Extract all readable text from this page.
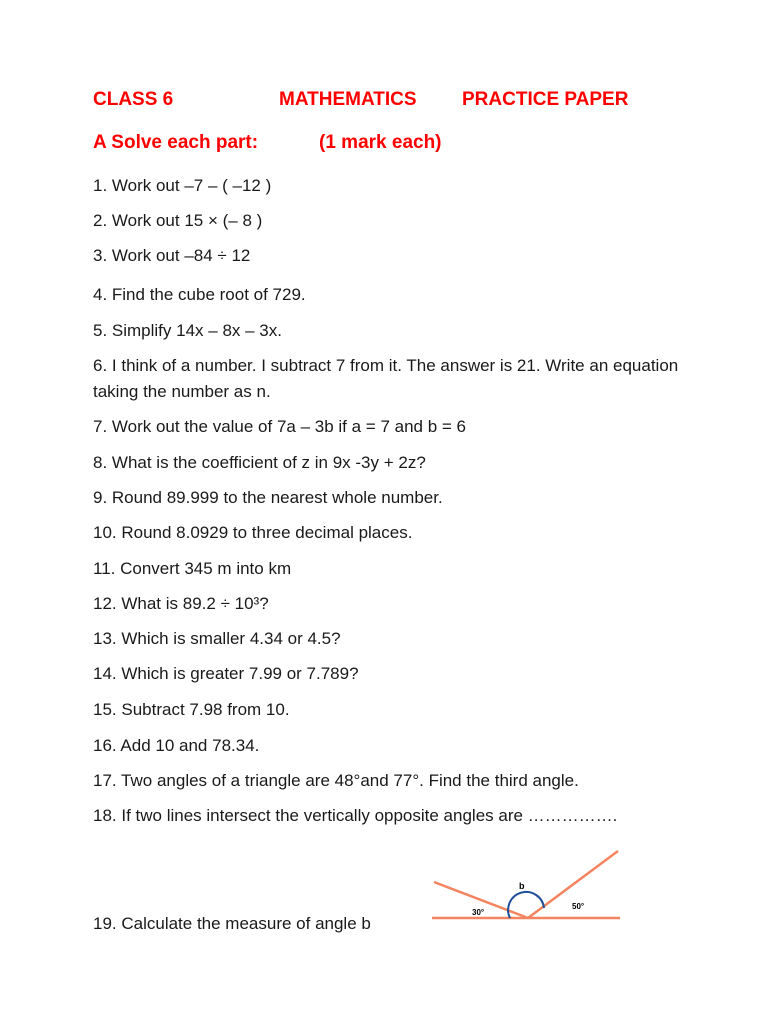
CLASS 6	MATHEMATICS PRACTICE PAPER
A Solve each part:	(1 mark each)
1. Work out –7 – ( –12 )
2. Work out 15 × (– 8 )
3. Work out –84 ÷ 12
4. Find the cube root of 729.
5. Simplify 14x – 8x – 3x.
6. I think of a number. I subtract 7 from it. The answer is 21. Write an equation taking the number as n.
7. Work out the value of 7a – 3b if a = 7 and b = 6
8. What is the coefficient of z in 9x -3y + 2z?
9. Round 89.999 to the nearest whole number.
10. Round 8.0929 to three decimal places.
11. Convert 345 m into km
12. What is 89.2 ÷ 10³?
13. Which is smaller 4.34 or 4.5?
14. Which is greater 7.99 or 7.789?
15. Subtract 7.98 from 10.
16. Add 10 and 78.34.
17. Two angles of a triangle are 48°and 77°. Find the third angle.
18. If two lines intersect the vertically opposite angles are …………….
19. Calculate the measure of angle b
b
30°
50°
